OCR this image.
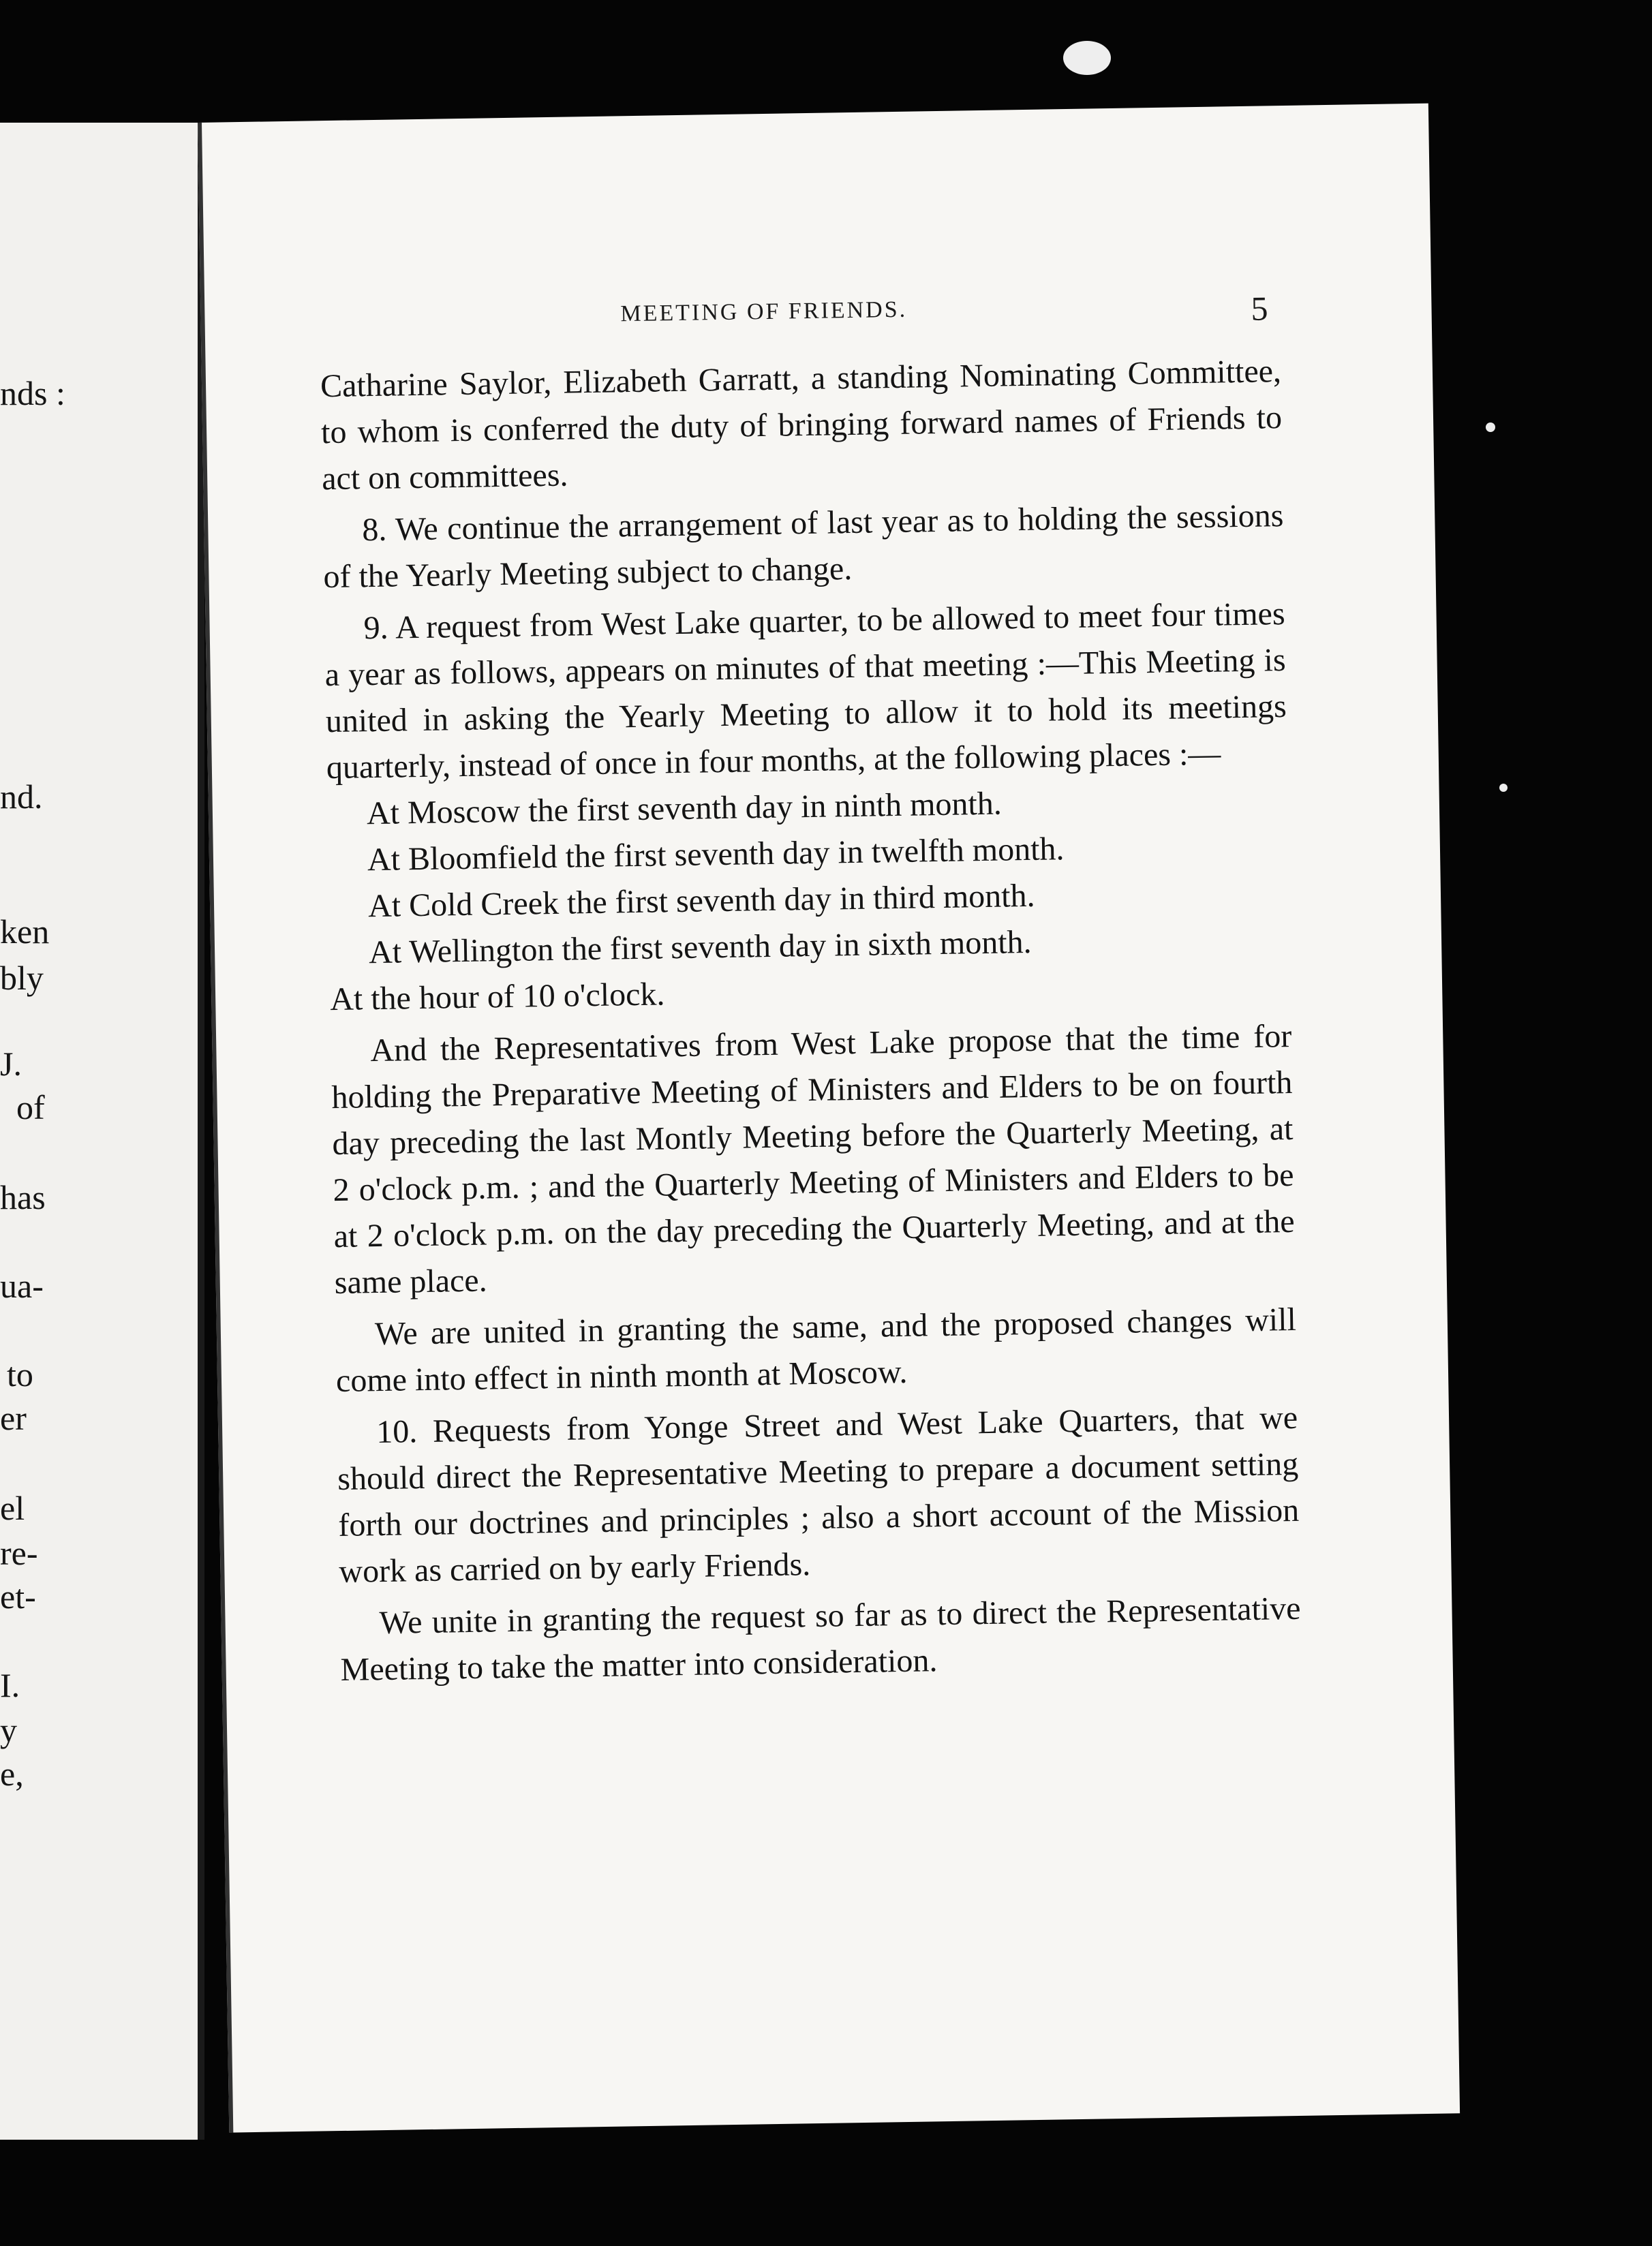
nds :
nd.
ken
bly
J.
of
has
ua-
to
er
el
re-
et-
I.
y
e,
MEETING OF FRIENDS.	5

Catharine Saylor, Elizabeth Garratt, a standing Nominating Committee, to whom is conferred the duty of bringing forward names of Friends to act on committees.

8. We continue the arrangement of last year as to holding the sessions of the Yearly Meeting subject to change.

9. A request from West Lake quarter, to be allowed to meet four times a year as follows, appears on minutes of that meeting :—This Meeting is united in asking the Yearly Meeting to allow it to hold its meetings quarterly, instead of once in four months, at the following places :—

At Moscow the first seventh day in ninth month.

At Bloomfield the first seventh day in twelfth month.

At Cold Creek the first seventh day in third month.

At Wellington the first seventh day in sixth month.

At the hour of 10 o'clock.

And the Representatives from West Lake propose that the time for holding the Preparative Meeting of Ministers and Elders to be on fourth day preceding the last Montly Meeting before the Quarterly Meeting, at 2 o'clock p.m. ; and the Quarterly Meeting of Ministers and Elders to be at 2 o'clock p.m. on the day preceding the Quarterly Meeting, and at the same place.

We are united in granting the same, and the proposed changes will come into effect in ninth month at Moscow.

10. Requests from Yonge Street and West Lake Quarters, that we should direct the Representative Meeting to prepare a document setting forth our doctrines and principles ; also a short account of the Mission work as carried on by early Friends.

We unite in granting the request so far as to direct the Representative Meeting to take the matter into consideration.
